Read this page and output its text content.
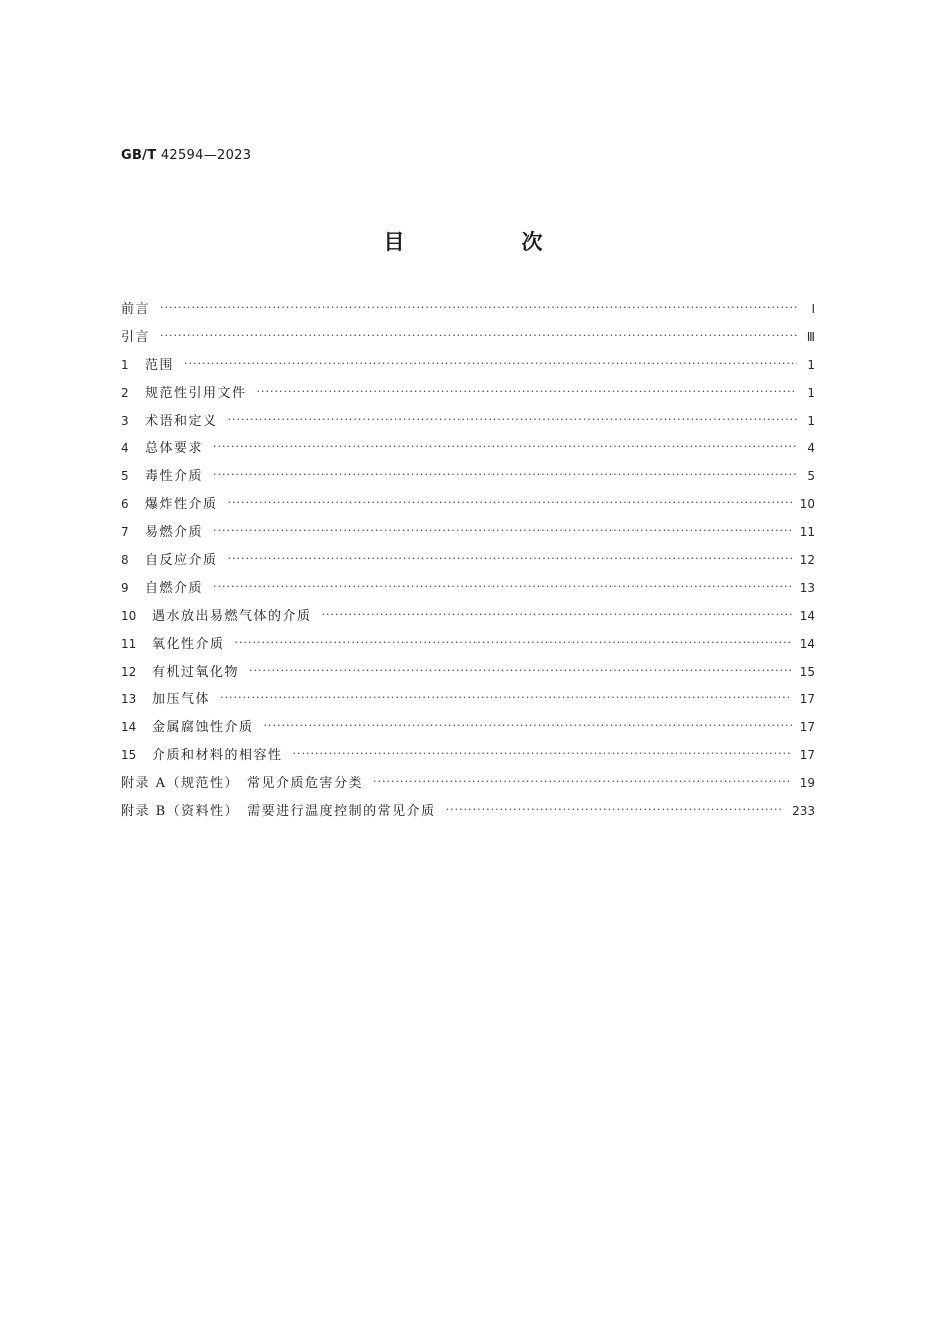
GB/T 42594—2023
目　次
前言 ·····	Ⅰ
引言 ·····	Ⅲ
1	范围 ·····	1
2	规范性引用文件 ·····	1
3	术语和定义 ·····	1
4	总体要求 ·····	4
5	毒性介质 ·····	5
6	爆炸性介质 ·····	10
7	易燃介质 ·····	11
8	自反应介质 ·····	12
9	自燃介质 ·····	13
10	遇水放出易燃气体的介质 ·····	14
11	氧化性介质 ·····	14
12	有机过氧化物 ·····	15
13	加压气体 ·····	17
14	金属腐蚀性介质 ·····	17
15	介质和材料的相容性 ·····	17
附录 A（规范性）　常见介质危害分类 ·····	19
附录 B（资料性）　需要进行温度控制的常见介质 ·····	233
